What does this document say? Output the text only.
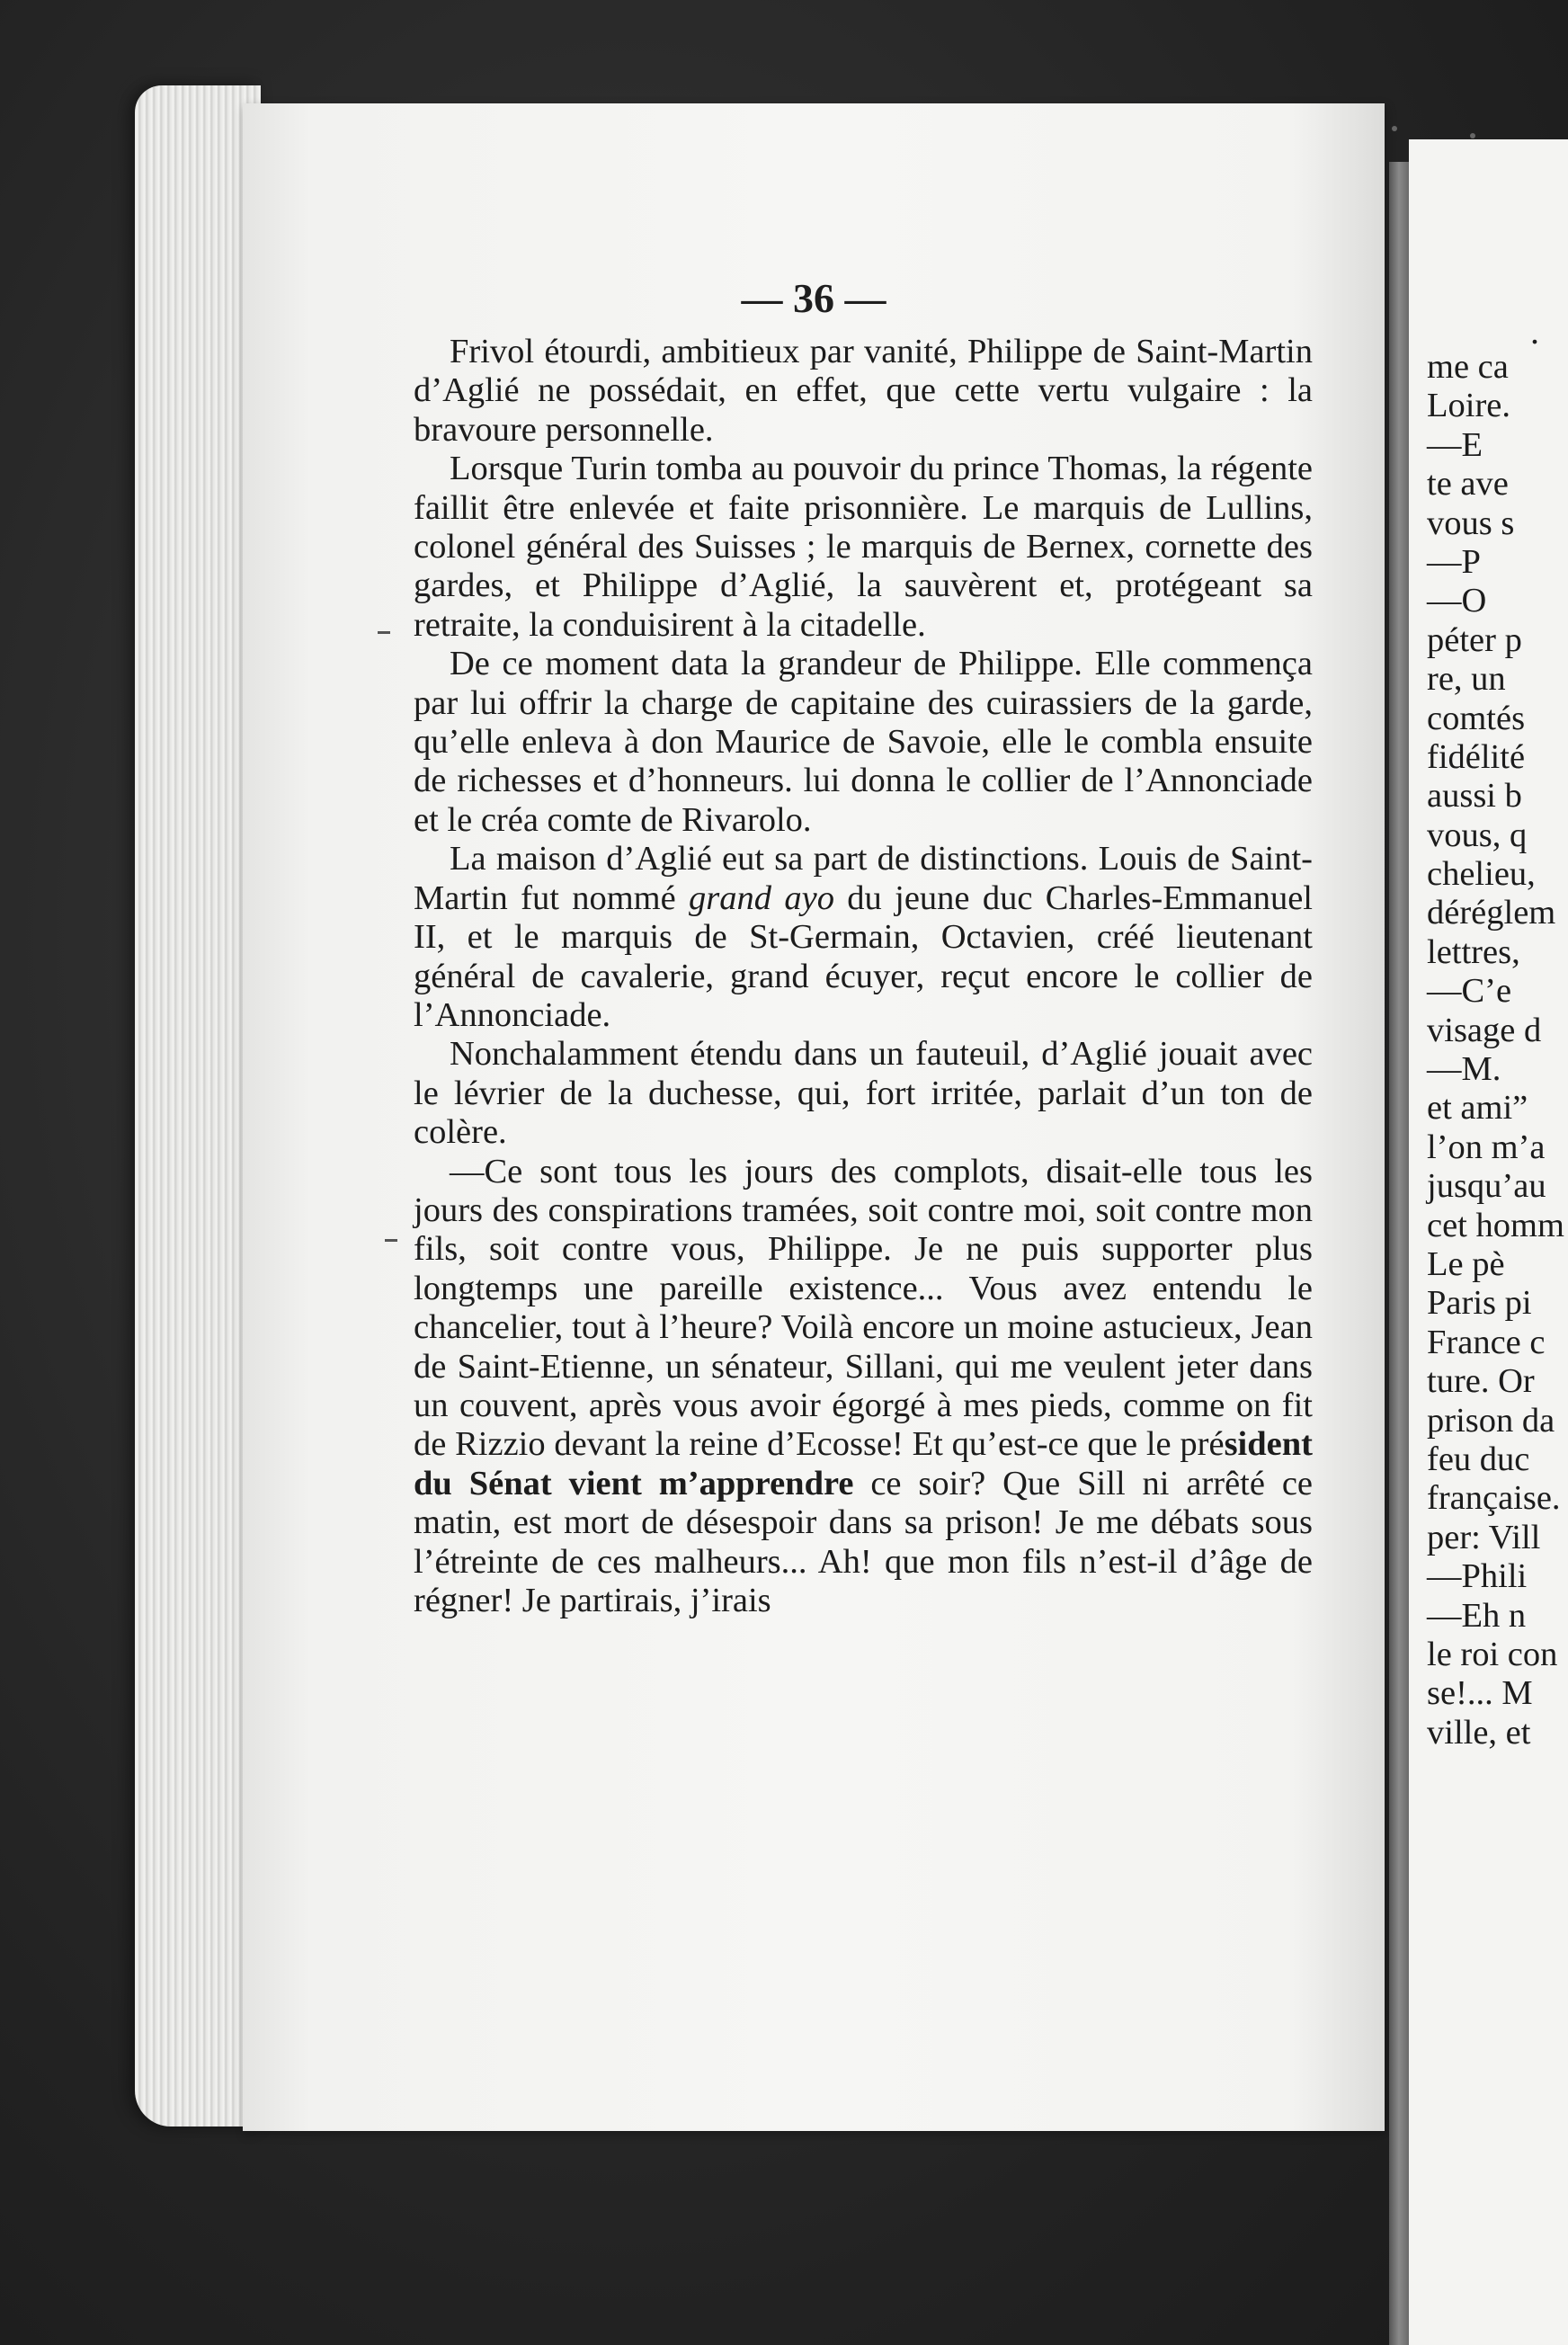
— 36 —

Frivol étourdi, ambitieux par vanité, Philippe de Saint-Martin d’Aglié ne possédait, en effet, que cette vertu vulgaire : la bravoure personnelle.

Lorsque Turin tomba au pouvoir du prince Thomas, la régente faillit être enlevée et faite prisonnière. Le marquis de Lullins, colonel général des Suisses ; le marquis de Bernex, cornette des gardes, et Philippe d’Aglié, la sauvèrent et, protégeant sa retraite, la conduisirent à la citadelle.

De ce moment data la grandeur de Philippe. Elle commença par lui offrir la charge de capitaine des cuirassiers de la garde, qu’elle enleva à don Maurice de Savoie, elle le combla ensuite de richesses et d’honneurs. lui donna le collier de l’Annonciade et le créa comte de Rivarolo.

La maison d’Aglié eut sa part de distinctions. Louis de Saint-Martin fut nommé grand ayo du jeune duc Charles-Emmanuel II, et le marquis de St-Germain, Octavien, créé lieutenant général de cavalerie, grand écuyer, reçut encore le collier de l’Annonciade.

Nonchalamment étendu dans un fauteuil, d’Aglié jouait avec le lévrier de la duchesse, qui, fort irritée, parlait d’un ton de colère.

—Ce sont tous les jours des complots, disait-elle tous les jours des conspirations tramées, soit contre moi, soit contre mon fils, soit contre vous, Philippe. Je ne puis supporter plus longtemps une pareille existence... Vous avez entendu le chancelier, tout à l’heure? Voilà encore un moine astucieux, Jean de Saint-Etienne, un sénateur, Sillani, qui me veulent jeter dans un couvent, après vous avoir égorgé à mes pieds, comme on fit de Rizzio devant la reine d’Ecosse! Et qu’est-ce que le président du Sénat vient m’apprendre ce soir? Que Sill ni arrêté ce matin, est mort de désespoir dans sa prison! Je me débats sous l’étreinte de ces malheurs... Ah! que mon fils n’est-il d’âge de régner! Je partirais, j’irais

.
me ca
Loire.
—E
te ave
vous s
—P
—O
péter p
re, un
comtés
fidélité
aussi b
vous, q
chelieu,
déréglem
lettres,
—C’e
visage d
—M.
et ami”
l’on m’a
jusqu’au
cet homm
Le pè
Paris pi
France c
ture. Or
prison da
feu duc
française.
per: Vill
—Phili
—Eh n
le roi con
se!... M
ville, et
